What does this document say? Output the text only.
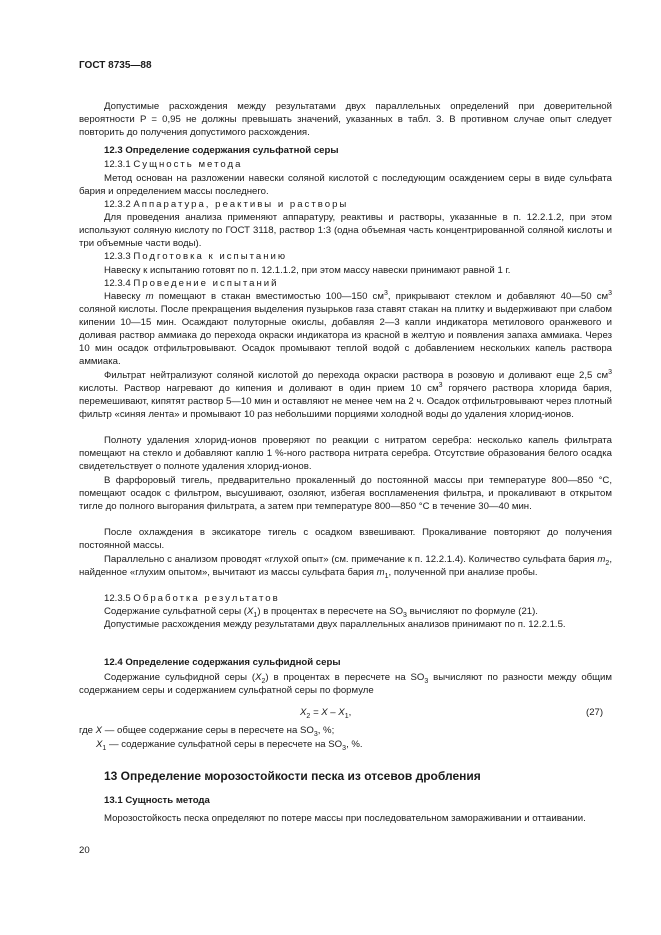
ГОСТ 8735—88

Допустимые расхождения между результатами двух параллельных определений при доверительной вероятности P = 0,95 не должны превышать значений, указанных в табл. 3. В противном случае опыт следует повторить до получения допустимого расхождения.

12.3 Определение содержания сульфатной серы
12.3.1 Сущность метода

Метод основан на разложении навески соляной кислотой с последующим осаждением серы в виде сульфата бария и определением массы последнего.

12.3.2 Аппаратура, реактивы и растворы

Для проведения анализа применяют аппаратуру, реактивы и растворы, указанные в п. 12.2.1.2, при этом используют соляную кислоту по ГОСТ 3118, раствор 1:3 (одна объемная часть концентрированной соляной кислоты и три объемные части воды).

12.3.3 Подготовка к испытанию

Навеску к испытанию готовят по п. 12.1.1.2, при этом массу навески принимают равной 1 г.

12.3.4 Проведение испытаний

Навеску m помещают в стакан вместимостью 100—150 $см^3$, прикрывают стеклом и добавляют 40—50 $см^3$ соляной кислоты. После прекращения выделения пузырьков газа ставят стакан на плитку и выдерживают при слабом кипении 10—15 мин. Осаждают полуторные окислы, добавляя 2—3 капли индикатора метилового оранжевого и доливая раствор аммиака до перехода окраски индикатора из красной в желтую и появления запаха аммиака. Через 10 мин осадок отфильтровывают. Осадок промывают теплой водой с добавлением нескольких капель раствора аммиака.

Фильтрат нейтрализуют соляной кислотой до перехода окраски раствора в розовую и доливают еще 2,5 $см^3$ кислоты. Раствор нагревают до кипения и доливают в один прием 10 $см^3$ горячего раствора хлорида бария, перемешивают, кипятят раствор 5—10 мин и оставляют не менее чем на 2 ч. Осадок отфильтровывают через плотный фильтр «синяя лента» и промывают 10 раз небольшими порциями холодной воды до удаления хлорид-ионов.

Полноту удаления хлорид-ионов проверяют по реакции с нитратом серебра: несколько капель фильтрата помещают на стекло и добавляют каплю 1 %-ного раствора нитрата серебра. Отсутствие образования белого осадка свидетельствует о полноте удаления хлорид-ионов.

В фарфоровый тигель, предварительно прокаленный до постоянной массы при температуре 800—850 °С, помещают осадок с фильтром, высушивают, озоляют, избегая воспламенения фильтра, и прокаливают в открытом тигле до полного выгорания фильтрата, а затем при температуре 800—850 °С в течение 30—40 мин.

После охлаждения в эксикаторе тигель с осадком взвешивают. Прокаливание повторяют до получения постоянной массы.

Параллельно с анализом проводят «глухой опыт» (см. примечание к п. 12.2.1.4). Количество сульфата бария $m_2$, найденное «глухим опытом», вычитают из массы сульфата бария $m_1$, полученной при анализе пробы.

12.3.5 Обработка результатов

Содержание сульфатной серы $(X_1)$ в процентах в пересчете на $SO_3$ вычисляют по формуле (21).

Допустимые расхождения между результатами двух параллельных анализов принимают по п. 12.2.1.5.

12.4 Определение содержания сульфидной серы

Содержание сульфидной серы $(X_2)$ в процентах в пересчете на $SO_3$ вычисляют по разности между общим содержанием серы и содержанием сульфатной серы по формуле

$X_2 = X - X_1$,	(27)
где X — общее содержание серы в пересчете на $SO_3$, %;
$X_1$ — содержание сульфатной серы в пересчете на $SO_3$, %.
13 Определение морозостойкости песка из отсевов дробления
13.1 Сущность метода

Морозостойкость песка определяют по потере массы при последовательном замораживании и оттаивании.

20
